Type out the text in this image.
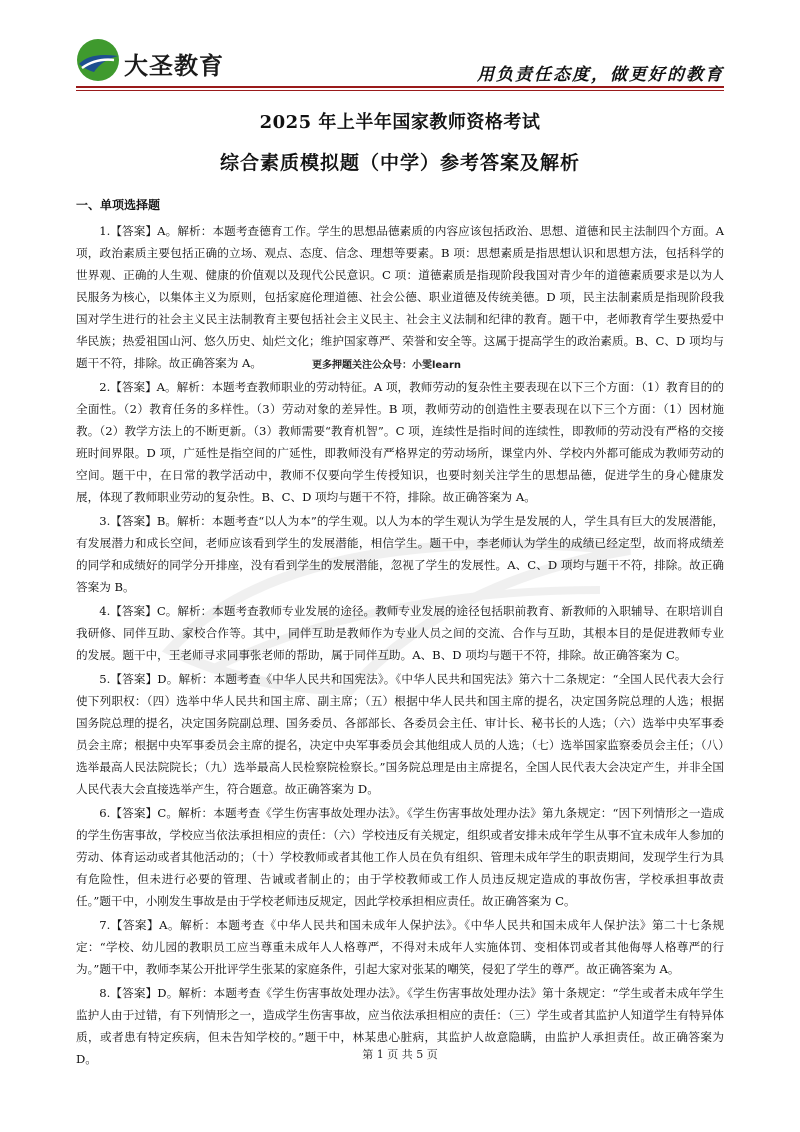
大圣教育	用负责任态度，做更好的教育
2025 年上半年国家教师资格考试
综合素质模拟题（中学）参考答案及解析
一、单项选择题

1.【答案】A。解析：本题考查德育工作。学生的思想品德素质的内容应该包括政治、思想、道德和民主法制四个方面。A 项，政治素质主要包括正确的立场、观点、态度、信念、理想等要素。B 项：思想素质是指思想认识和思想方法，包括科学的世界观、正确的人生观、健康的价值观以及现代公民意识。C 项：道德素质是指现阶段我国对青少年的道德素质要求是以为人民服务为核心，以集体主义为原则，包括家庭伦理道德、社会公德、职业道德及传统美德。D 项，民主法制素质是指现阶段我国对学生进行的社会主义民主法制教育主要包括社会主义民主、社会主义法制和纪律的教育。题干中，老师教育学生要热爱中华民族；热爱祖国山河、悠久历史、灿烂文化；维护国家尊严、荣誉和安全等。这属于提高学生的政治素质。B、C、D 项均与题干不符，排除。故正确答案为 A。

2.【答案】A。解析：本题考查教师职业的劳动特征。A 项，教师劳动的复杂性主要表现在以下三个方面：（1）教育目的的全面性。（2）教育任务的多样性。（3）劳动对象的差异性。B 项，教师劳动的创造性主要表现在以下三个方面：（1）因材施教。（2）教学方法上的不断更新。（3）教师需要“教育机智”。C 项，连续性是指时间的连续性，即教师的劳动没有严格的交接班时间界限。D 项，广延性是指空间的广延性，即教师没有严格界定的劳动场所，课堂内外、学校内外都可能成为教师劳动的空间。题干中，在日常的教学活动中，教师不仅要向学生传授知识，也要时刻关注学生的思想品德，促进学生的身心健康发展，体现了教师职业劳动的复杂性。B、C、D 项均与题干不符，排除。故正确答案为 A。

3.【答案】B。解析：本题考查“以人为本”的学生观。以人为本的学生观认为学生是发展的人，学生具有巨大的发展潜能，有发展潜力和成长空间，老师应该看到学生的发展潜能，相信学生。题干中，李老师认为学生的成绩已经定型，故而将成绩差的同学和成绩好的同学分开排座，没有看到学生的发展潜能，忽视了学生的发展性。A、C、D 项均与题干不符，排除。故正确答案为 B。

4.【答案】C。解析：本题考查教师专业发展的途径。教师专业发展的途径包括职前教育、新教师的入职辅导、在职培训自我研修、同伴互助、家校合作等。其中，同伴互助是教师作为专业人员之间的交流、合作与互助，其根本目的是促进教师专业的发展。题干中，王老师寻求同事张老师的帮助，属于同伴互助。A、B、D 项均与题干不符，排除。故正确答案为 C。

5.【答案】D。解析：本题考查《中华人民共和国宪法》。《中华人民共和国宪法》第六十二条规定：“全国人民代表大会行使下列职权：（四）选举中华人民共和国主席、副主席；（五）根据中华人民共和国主席的提名，决定国务院总理的人选；根据国务院总理的提名，决定国务院副总理、国务委员、各部部长、各委员会主任、审计长、秘书长的人选；（六）选举中央军事委员会主席；根据中央军事委员会主席的提名，决定中央军事委员会其他组成人员的人选；（七）选举国家监察委员会主任；（八）选举最高人民法院院长；（九）选举最高人民检察院检察长。”国务院总理是由主席提名，全国人民代表大会决定产生，并非全国人民代表大会直接选举产生，符合题意。故正确答案为 D。

6.【答案】C。解析：本题考查《学生伤害事故处理办法》。《学生伤害事故处理办法》第九条规定：“因下列情形之一造成的学生伤害事故，学校应当依法承担相应的责任：（六）学校违反有关规定，组织或者安排未成年学生从事不宜未成年人参加的劳动、体育运动或者其他活动的；（十）学校教师或者其他工作人员在负有组织、管理未成年学生的职责期间，发现学生行为具有危险性，但未进行必要的管理、告诫或者制止的；由于学校教师或工作人员违反规定造成的事故伤害，学校承担事故责任。”题干中，小刚发生事故是由于学校老师违反规定，因此学校承担相应责任。故正确答案为 C。

7.【答案】A。解析：本题考查《中华人民共和国未成年人保护法》。《中华人民共和国未成年人保护法》第二十七条规定：“学校、幼儿园的教职员工应当尊重未成年人人格尊严，不得对未成年人实施体罚、变相体罚或者其他侮辱人格尊严的行为。”题干中，教师李某公开批评学生张某的家庭条件，引起大家对张某的嘲笑，侵犯了学生的尊严。故正确答案为 A。

8.【答案】D。解析：本题考查《学生伤害事故处理办法》。《学生伤害事故处理办法》第十条规定：“学生或者未成年学生监护人由于过错，有下列情形之一，造成学生伤害事故，应当依法承担相应的责任：（三）学生或者其监护人知道学生有特异体质，或者患有特定疾病，但未告知学校的。”题干中，林某患心脏病，其监护人故意隐瞒，由监护人承担责任。故正确答案为 D。

更多押题关注公众号：小雯learn
第 1 页 共 5 页
